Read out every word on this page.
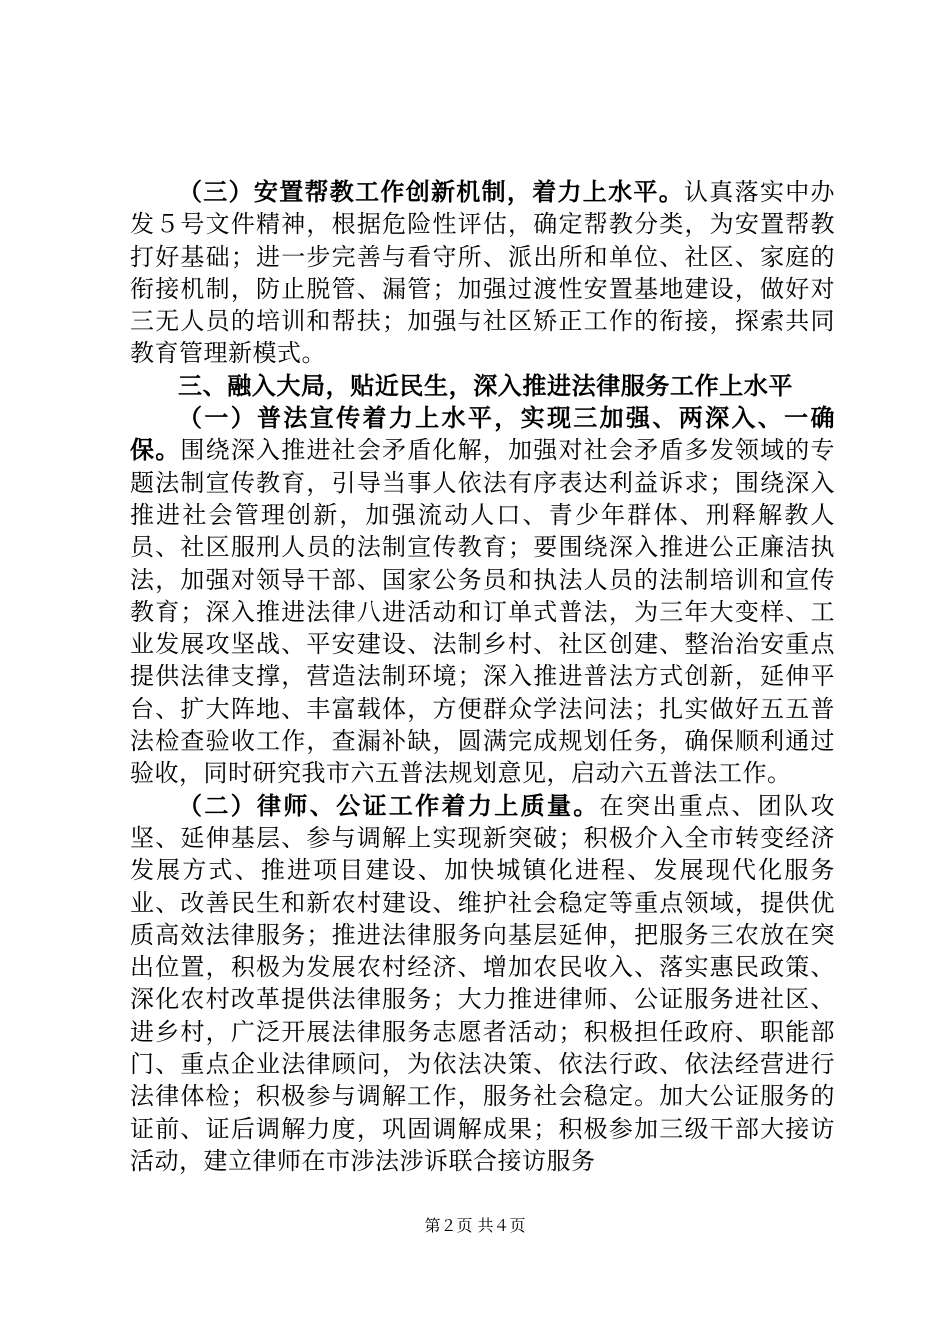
（三）安置帮教工作创新机制，着力上水平。认真落实中办发５号文件精神，根据危险性评估，确定帮教分类，为安置帮教打好基础；进一步完善与看守所、派出所和单位、社区、家庭的衔接机制，防止脱管、漏管；加强过渡性安置基地建设，做好对三无人员的培训和帮扶；加强与社区矫正工作的衔接，探索共同教育管理新模式。

三、融入大局，贴近民生，深入推进法律服务工作上水平

（一）普法宣传着力上水平，实现三加强、两深入、一确保。围绕深入推进社会矛盾化解，加强对社会矛盾多发领域的专题法制宣传教育，引导当事人依法有序表达利益诉求；围绕深入推进社会管理创新，加强流动人口、青少年群体、刑释解教人员、社区服刑人员的法制宣传教育；要围绕深入推进公正廉洁执法，加强对领导干部、国家公务员和执法人员的法制培训和宣传教育；深入推进法律八进活动和订单式普法，为三年大变样、工业发展攻坚战、平安建设、法制乡村、社区创建、整治治安重点提供法律支撑，营造法制环境；深入推进普法方式创新，延伸平台、扩大阵地、丰富载体，方便群众学法问法；扎实做好五五普法检查验收工作，查漏补缺，圆满完成规划任务，确保顺利通过验收，同时研究我市六五普法规划意见，启动六五普法工作。

（二）律师、公证工作着力上质量。在突出重点、团队攻坚、延伸基层、参与调解上实现新突破；积极介入全市转变经济发展方式、推进项目建设、加快城镇化进程、发展现代化服务业、改善民生和新农村建设、维护社会稳定等重点领域，提供优质高效法律服务；推进法律服务向基层延伸，把服务三农放在突出位置，积极为发展农村经济、增加农民收入、落实惠民政策、深化农村改革提供法律服务；大力推进律师、公证服务进社区、进乡村，广泛开展法律服务志愿者活动；积极担任政府、职能部门、重点企业法律顾问，为依法决策、依法行政、依法经营进行法律体检；积极参与调解工作，服务社会稳定。加大公证服务的证前、证后调解力度，巩固调解成果；积极参加三级干部大接访活动，建立律师在市涉法涉诉联合接访服务

第２页 共４页
